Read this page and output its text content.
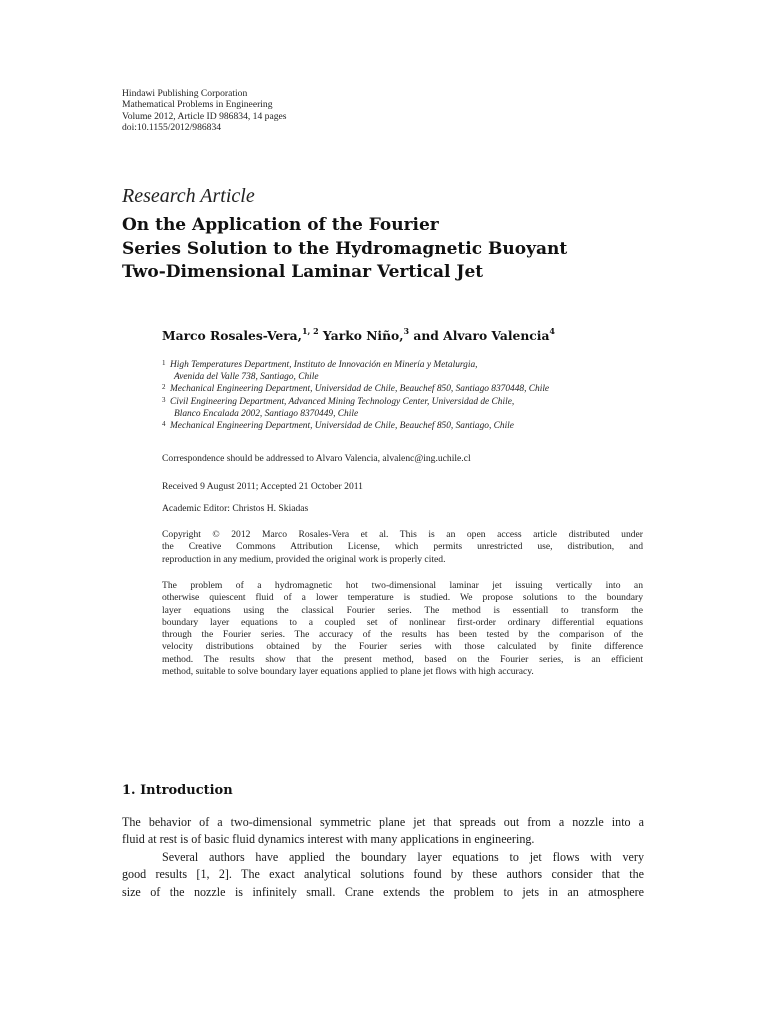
Hindawi Publishing Corporation
Mathematical Problems in Engineering
Volume 2012, Article ID 986834, 14 pages
doi:10.1155/2012/986834
Research Article
On the Application of the Fourier
Series Solution to the Hydromagnetic Buoyant
Two-Dimensional Laminar Vertical Jet
Marco Rosales-Vera,$^{1, 2}$ Yarko Niño,$^3$ and Alvaro Valencia$^4$
1 High Temperatures Department, Instituto de Innovación en Minería y Metalurgia,
Avenida del Valle 738, Santiago, Chile
2 Mechanical Engineering Department, Universidad de Chile, Beauchef 850, Santiago 8370448, Chile
3 Civil Engineering Department, Advanced Mining Technology Center, Universidad de Chile,
Blanco Encalada 2002, Santiago 8370449, Chile
4 Mechanical Engineering Department, Universidad de Chile, Beauchef 850, Santiago, Chile
Correspondence should be addressed to Alvaro Valencia, alvalenc@ing.uchile.cl
Received 9 August 2011; Accepted 21 October 2011
Academic Editor: Christos H. Skiadas
Copyright © 2012 Marco Rosales-Vera et al. This is an open access article distributed under
the Creative Commons Attribution License, which permits unrestricted use, distribution, and
reproduction in any medium, provided the original work is properly cited.
The problem of a hydromagnetic hot two-dimensional laminar jet issuing vertically into an
otherwise quiescent fluid of a lower temperature is studied. We propose solutions to the boundary
layer equations using the classical Fourier series. The method is essentiall to transform the
boundary layer equations to a coupled set of nonlinear first-order ordinary differential equations
through the Fourier series. The accuracy of the results has been tested by the comparison of the
velocity distributions obtained by the Fourier series with those calculated by finite difference
method. The results show that the present method, based on the Fourier series, is an efficient
method, suitable to solve boundary layer equations applied to plane jet flows with high accuracy.
1. Introduction
The behavior of a two-dimensional symmetric plane jet that spreads out from a nozzle into a
fluid at rest is of basic fluid dynamics interest with many applications in engineering.
Several authors have applied the boundary layer equations to jet flows with very
good results [1, 2]. The exact analytical solutions found by these authors consider that the
size of the nozzle is infinitely small. Crane extends the problem to jets in an atmosphere
